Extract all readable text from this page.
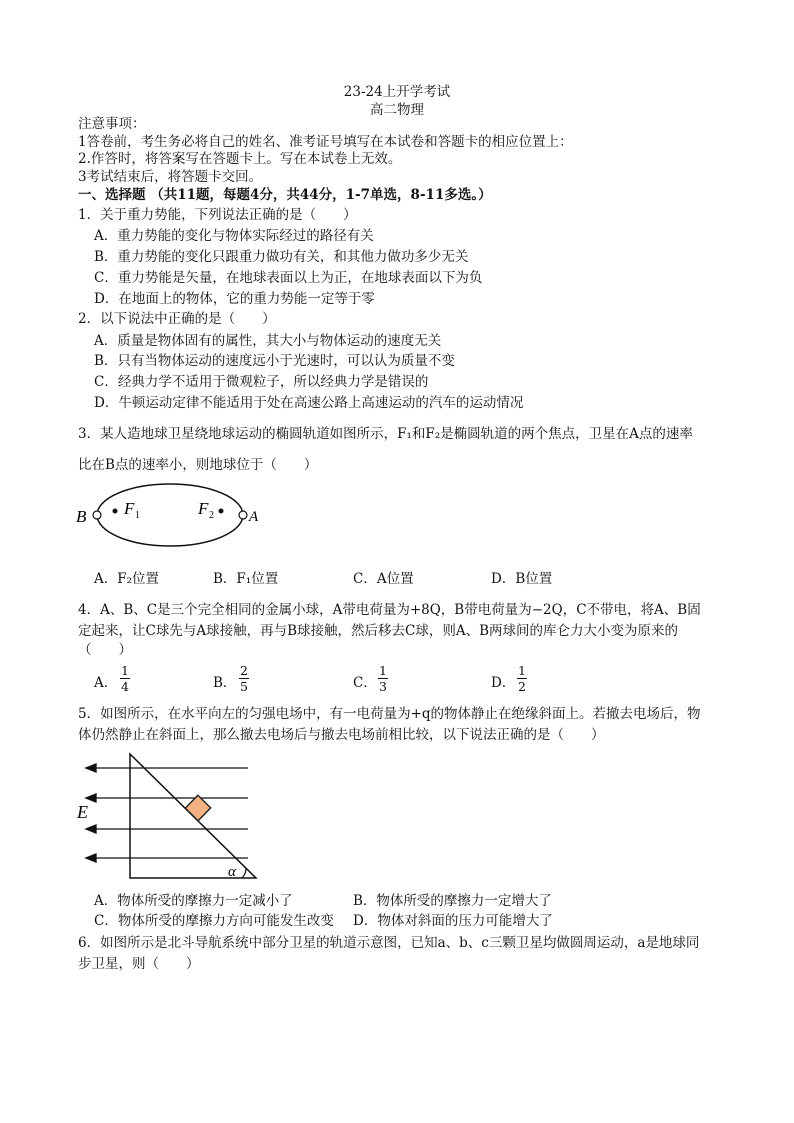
23-24上开学考试
高二物理
注意事项：
1答卷前，考生务必将自己的姓名、准考证号填写在本试卷和答题卡的相应位置上：
2.作答时，将答案写在答题卡上。写在本试卷上无效。
3考试结束后，将答题卡交回。
一、选择题 （共11题，每题4分，共44分，1-7单选，8-11多选。）
1．关于重力势能，下列说法正确的是（　　）
A．重力势能的变化与物体实际经过的路径有关
B．重力势能的变化只跟重力做功有关，和其他力做功多少无关
C．重力势能是矢量，在地球表面以上为正，在地球表面以下为负
D．在地面上的物体，它的重力势能一定等于零
2．以下说法中正确的是（　　）
A．质量是物体固有的属性，其大小与物体运动的速度无关
B．只有当物体运动的速度远小于光速时，可以认为质量不变
C．经典力学不适用于微观粒子，所以经典力学是错误的
D．牛顿运动定律不能适用于处在高速公路上高速运动的汽车的运动情况
3．某人造地球卫星绕地球运动的椭圆轨道如图所示，F₁和F₂是椭圆轨道的两个焦点，卫星在A点的速率
比在B点的速率小，则地球位于（　　）
B	A
F 1	F 2
A．F₂位置	B．F₁位置	C．A位置	D．B位置
4．A、B、C是三个完全相同的金属小球，A带电荷量为+8Q，B带电荷量为−2Q，C不带电，将A、B固
定起来，让C球先与A球接触，再与B球接触，然后移去C球，则A、B两球间的库仑力大小变为原来的
（　　）
A． $\frac{1}{4}$	B． $\frac{2}{5}$	C． $\frac{1}{3}$	D． $\frac{1}{2}$
5．如图所示，在水平向左的匀强电场中，有一电荷量为+q的物体静止在绝缘斜面上。若撤去电场后，物
体仍然静止在斜面上，那么撤去电场后与撤去电场前相比较，以下说法正确的是（　　）
E
α
A．物体所受的摩擦力一定减小了	B．物体所受的摩擦力一定增大了
C．物体所受的摩擦力方向可能发生改变 D．物体对斜面的压力可能增大了
6．如图所示是北斗导航系统中部分卫星的轨道示意图，已知a、b、c三颗卫星均做圆周运动，a是地球同
步卫星，则（　　）
